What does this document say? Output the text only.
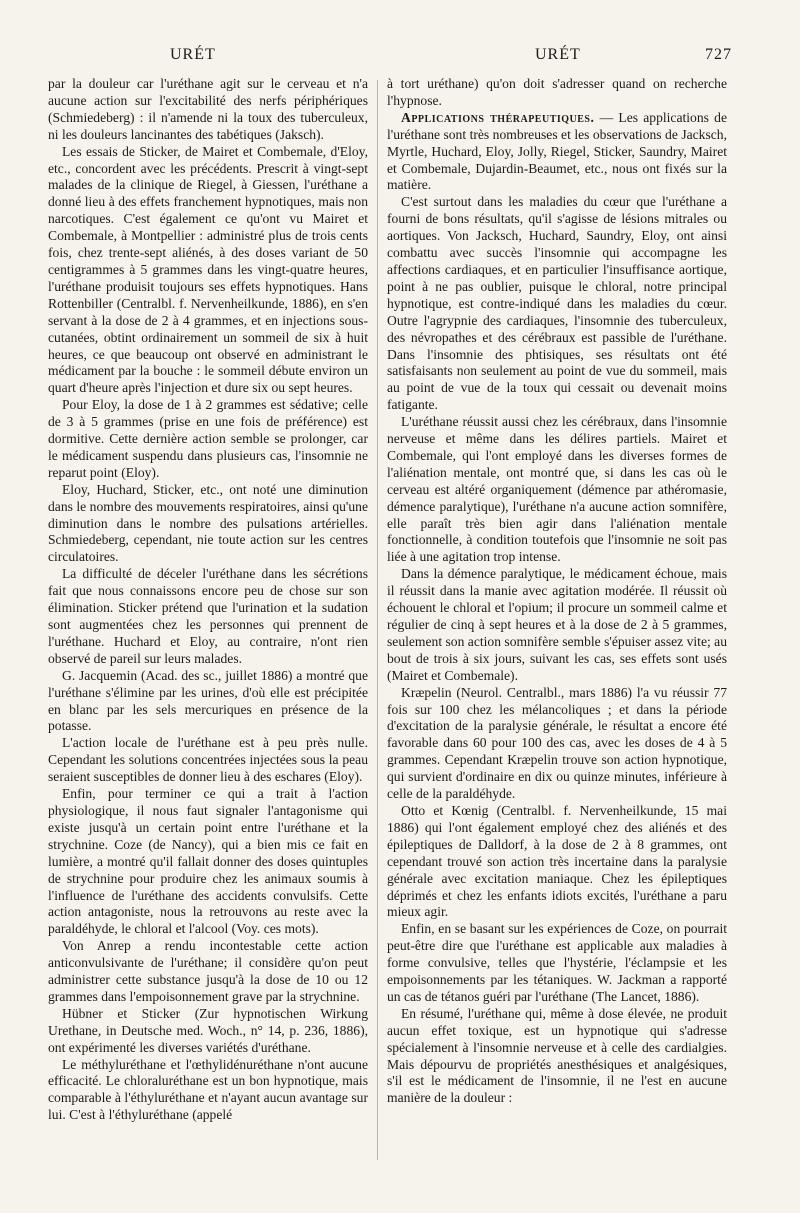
URÉT	URÉT	727

par la douleur car l'uréthane agit sur le cerveau et n'a aucune action sur l'excitabilité des nerfs périphériques (Schmiedeberg) : il n'amende ni la toux des tuberculeux, ni les douleurs lancinantes des tabétiques (Jaksch).

Les essais de Sticker, de Mairet et Combemale, d'Eloy, etc., concordent avec les précédents. Prescrit à vingt-sept malades de la clinique de Riegel, à Giessen, l'uréthane a donné lieu à des effets franchement hypnotiques, mais non narcotiques. C'est également ce qu'ont vu Mairet et Combemale, à Montpellier : administré plus de trois cents fois, chez trente-sept aliénés, à des doses variant de 50 centigrammes à 5 grammes dans les vingt-quatre heures, l'uréthane produisit toujours ses effets hypnotiques. Hans Rottenbiller (Centralbl. f. Nervenheilkunde, 1886), en s'en servant à la dose de 2 à 4 grammes, et en injections sous-cutanées, obtint ordinairement un sommeil de six à huit heures, ce que beaucoup ont observé en administrant le médicament par la bouche : le sommeil débute environ un quart d'heure après l'injection et dure six ou sept heures.

Pour Eloy, la dose de 1 à 2 grammes est sédative; celle de 3 à 5 grammes (prise en une fois de préférence) est dormitive. Cette dernière action semble se prolonger, car le médicament suspendu dans plusieurs cas, l'insomnie ne reparut point (Eloy).

Eloy, Huchard, Sticker, etc., ont noté une diminution dans le nombre des mouvements respiratoires, ainsi qu'une diminution dans le nombre des pulsations artérielles. Schmiedeberg, cependant, nie toute action sur les centres circulatoires.

La difficulté de déceler l'uréthane dans les sécrétions fait que nous connaissons encore peu de chose sur son élimination. Sticker prétend que l'urination et la sudation sont augmentées chez les personnes qui prennent de l'uréthane. Huchard et Eloy, au contraire, n'ont rien observé de pareil sur leurs malades.

G. Jacquemin (Acad. des sc., juillet 1886) a montré que l'uréthane s'élimine par les urines, d'où elle est précipitée en blanc par les sels mercuriques en présence de la potasse.

L'action locale de l'uréthane est à peu près nulle. Cependant les solutions concentrées injectées sous la peau seraient susceptibles de donner lieu à des eschares (Eloy).

Enfin, pour terminer ce qui a trait à l'action physiologique, il nous faut signaler l'antagonisme qui existe jusqu'à un certain point entre l'uréthane et la strychnine. Coze (de Nancy), qui a bien mis ce fait en lumière, a montré qu'il fallait donner des doses quintuples de strychnine pour produire chez les animaux soumis à l'influence de l'uréthane des accidents convulsifs. Cette action antagoniste, nous la retrouvons au reste avec la paraldéhyde, le chloral et l'alcool (Voy. ces mots).

Von Anrep a rendu incontestable cette action anticonvulsivante de l'uréthane; il considère qu'on peut administrer cette substance jusqu'à la dose de 10 ou 12 grammes dans l'empoisonnement grave par la strychnine.

Hübner et Sticker (Zur hypnotischen Wirkung Urethane, in Deutsche med. Woch., n° 14, p. 236, 1886), ont expérimenté les diverses variétés d'uréthane.

Le méthyluréthane et l'œthylidénuréthane n'ont aucune efficacité. Le chloraluréthane est un bon hypnotique, mais comparable à l'éthyluréthane et n'ayant aucun avantage sur lui. C'est à l'éthyluréthane (appelé

à tort uréthane) qu'on doit s'adresser quand on recherche l'hypnose.

Applications thérapeutiques. — Les applications de l'uréthane sont très nombreuses et les observations de Jacksch, Myrtle, Huchard, Eloy, Jolly, Riegel, Sticker, Saundry, Mairet et Combemale, Dujardin-Beaumet, etc., nous ont fixés sur la matière.

C'est surtout dans les maladies du cœur que l'uréthane a fourni de bons résultats, qu'il s'agisse de lésions mitrales ou aortiques. Von Jacksch, Huchard, Saundry, Eloy, ont ainsi combattu avec succès l'insomnie qui accompagne les affections cardiaques, et en particulier l'insuffisance aortique, point à ne pas oublier, puisque le chloral, notre principal hypnotique, est contre-indiqué dans les maladies du cœur. Outre l'agrypnie des cardiaques, l'insomnie des tuberculeux, des névropathes et des cérébraux est passible de l'uréthane. Dans l'insomnie des phtisiques, ses résultats ont été satisfaisants non seulement au point de vue du sommeil, mais au point de vue de la toux qui cessait ou devenait moins fatigante.

L'uréthane réussit aussi chez les cérébraux, dans l'insomnie nerveuse et même dans les délires partiels. Mairet et Combemale, qui l'ont employé dans les diverses formes de l'aliénation mentale, ont montré que, si dans les cas où le cerveau est altéré organiquement (démence par athéromasie, démence paralytique), l'uréthane n'a aucune action somnifère, elle paraît très bien agir dans l'aliénation mentale fonctionnelle, à condition toutefois que l'insomnie ne soit pas liée à une agitation trop intense.

Dans la démence paralytique, le médicament échoue, mais il réussit dans la manie avec agitation modérée. Il réussit où échouent le chloral et l'opium; il procure un sommeil calme et régulier de cinq à sept heures et à la dose de 2 à 5 grammes, seulement son action somnifère semble s'épuiser assez vite; au bout de trois à six jours, suivant les cas, ses effets sont usés (Mairet et Combemale).

Kræpelin (Neurol. Centralbl., mars 1886) l'a vu réussir 77 fois sur 100 chez les mélancoliques ; et dans la période d'excitation de la paralysie générale, le résultat a encore été favorable dans 60 pour 100 des cas, avec les doses de 4 à 5 grammes. Cependant Kræpelin trouve son action hypnotique, qui survient d'ordinaire en dix ou quinze minutes, inférieure à celle de la paraldéhyde.

Otto et Kœnig (Centralbl. f. Nervenheilkunde, 15 mai 1886) qui l'ont également employé chez des aliénés et des épileptiques de Dalldorf, à la dose de 2 à 8 grammes, ont cependant trouvé son action très incertaine dans la paralysie générale avec excitation maniaque. Chez les épileptiques déprimés et chez les enfants idiots excités, l'uréthane a paru mieux agir.

Enfin, en se basant sur les expériences de Coze, on pourrait peut-être dire que l'uréthane est applicable aux maladies à forme convulsive, telles que l'hystérie, l'éclampsie et les empoisonnements par les tétaniques. W. Jackman a rapporté un cas de tétanos guéri par l'uréthane (The Lancet, 1886).

En résumé, l'uréthane qui, même à dose élevée, ne produit aucun effet toxique, est un hypnotique qui s'adresse spécialement à l'insomnie nerveuse et à celle des cardialgies. Mais dépourvu de propriétés anesthésiques et analgésiques, s'il est le médicament de l'insomnie, il ne l'est en aucune manière de la douleur :
